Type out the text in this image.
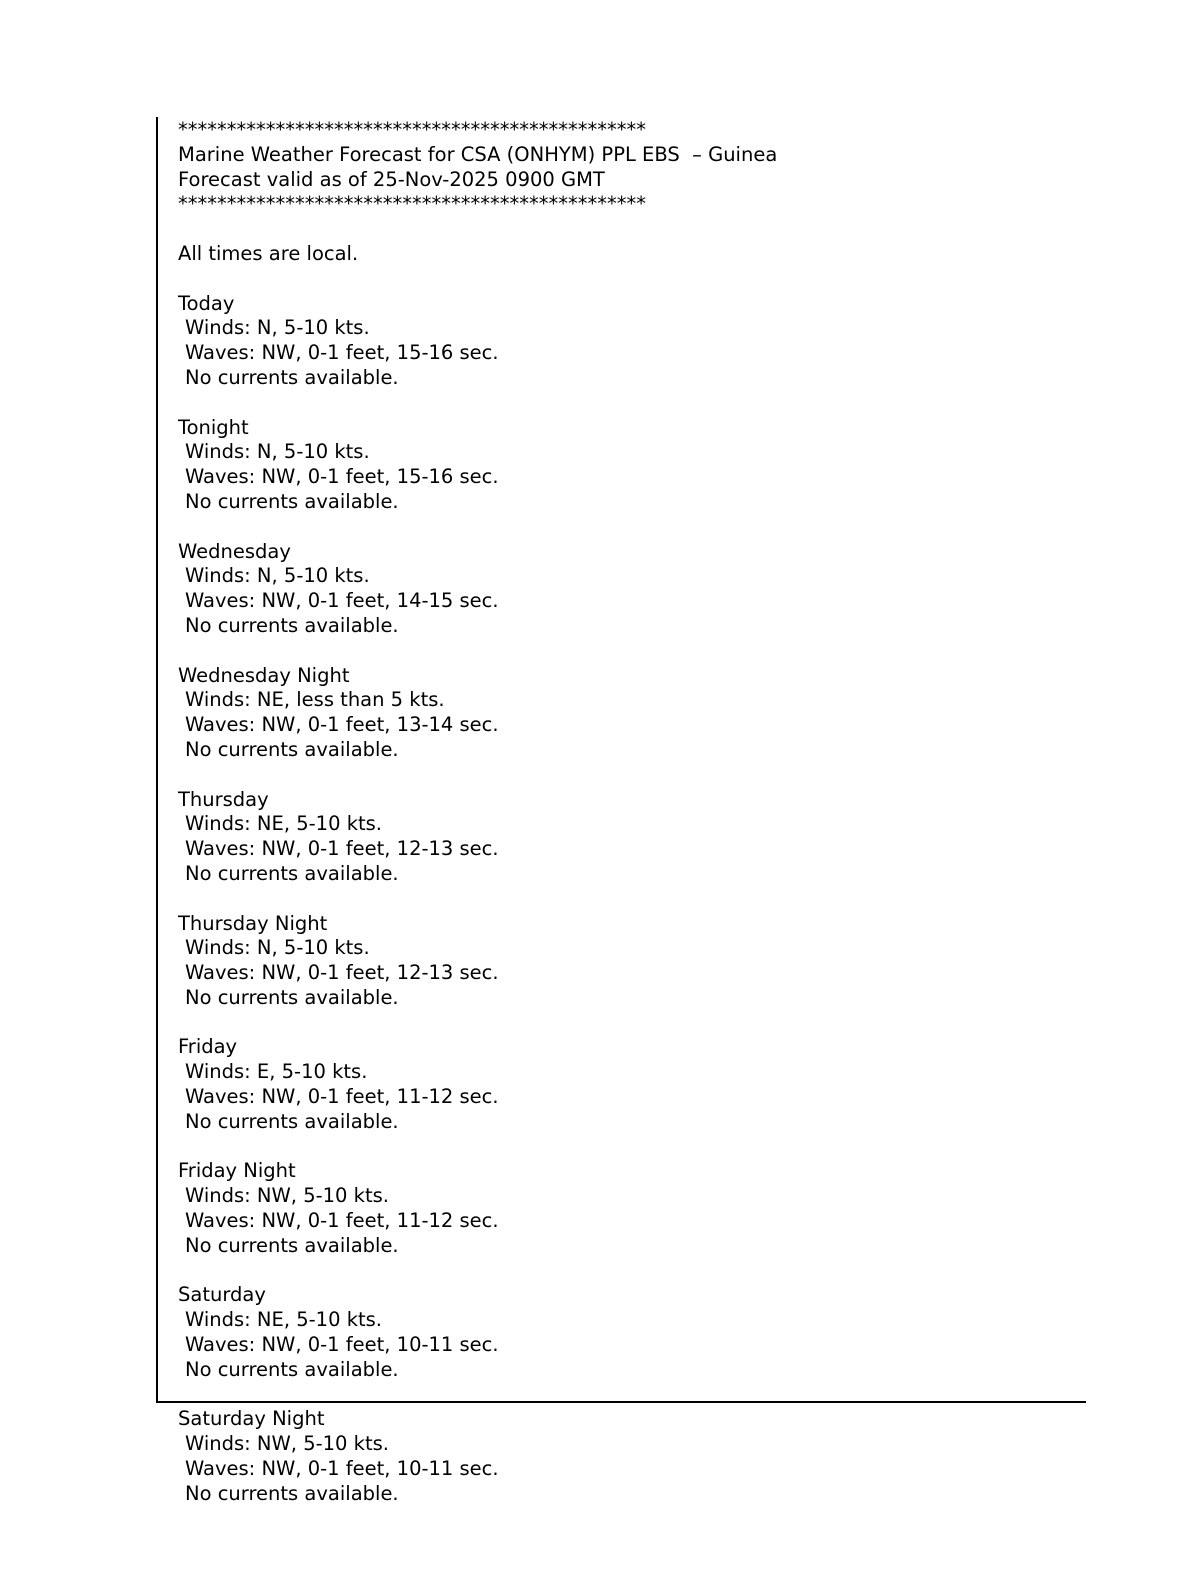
************************************************
Marine Weather Forecast for CSA (ONHYM) PPL EBS  – Guinea
Forecast valid as of 25-Nov-2025 0900 GMT
************************************************
All times are local.
Today
Winds: N, 5-10 kts.
Waves: NW, 0-1 feet, 15-16 sec.
No currents available.
Tonight
Winds: N, 5-10 kts.
Waves: NW, 0-1 feet, 15-16 sec.
No currents available.
Wednesday
Winds: N, 5-10 kts.
Waves: NW, 0-1 feet, 14-15 sec.
No currents available.
Wednesday Night
Winds: NE, less than 5 kts.
Waves: NW, 0-1 feet, 13-14 sec.
No currents available.
Thursday
Winds: NE, 5-10 kts.
Waves: NW, 0-1 feet, 12-13 sec.
No currents available.
Thursday Night
Winds: N, 5-10 kts.
Waves: NW, 0-1 feet, 12-13 sec.
No currents available.
Friday
Winds: E, 5-10 kts.
Waves: NW, 0-1 feet, 11-12 sec.
No currents available.
Friday Night
Winds: NW, 5-10 kts.
Waves: NW, 0-1 feet, 11-12 sec.
No currents available.
Saturday
Winds: NE, 5-10 kts.
Waves: NW, 0-1 feet, 10-11 sec.
No currents available.
Saturday Night
Winds: NW, 5-10 kts.
Waves: NW, 0-1 feet, 10-11 sec.
No currents available.
